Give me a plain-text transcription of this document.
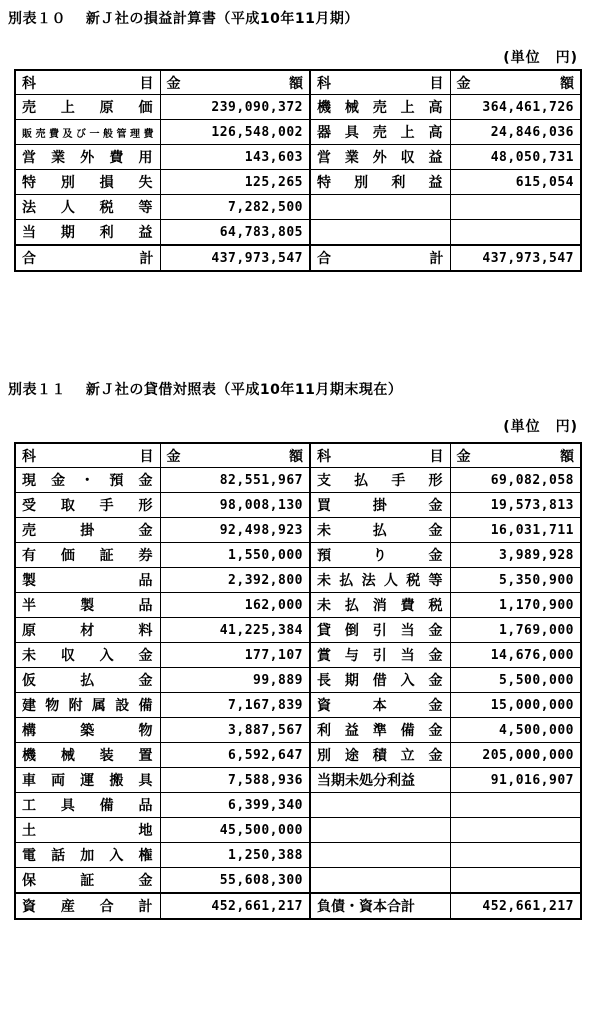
別表１０　 新Ｊ社の損益計算書（平成10年11月期）
(単位　円)
科 目	金 額	科 目	金 額

売上原価	239,090,372	機械売上高	364,461,726
販売費及び一般管理費	126,548,002	器具売上高	24,846,036
営業外費用	143,603	営業外収益	48,050,731
特別損失	125,265	特別利益	615,054
法人税等	7,282,500		
当期利益	64,783,805		

合 計	437,973,547	合 計	437,973,547
別表１１　 新Ｊ社の貸借対照表（平成10年11月期末現在）
(単位　円)
科 目	金 額	科 目	金 額

現金・預金	82,551,967	支払手形	69,082,058
受取手形	98,008,130	買掛金	19,573,813
売掛金	92,498,923	未払金	16,031,711
有価証券	1,550,000	預り金	3,989,928
製品	2,392,800	未払法人税等	5,350,900
半製品	162,000	未払消費税	1,170,900
原材料	41,225,384	貸倒引当金	1,769,000
未収入金	177,107	賞与引当金	14,676,000
仮払金	99,889	長期借入金	5,500,000
建物附属設備	7,167,839	資本金	15,000,000
構築物	3,887,567	利益準備金	4,500,000
機械装置	6,592,647	別途積立金	205,000,000
車両運搬具	7,588,936	当期未処分利益	91,016,907
工具備品	6,399,340		
土地	45,500,000		
電話加入権	1,250,388		
保証金	55,608,300		
資産合計	452,661,217	負債・資本合計	452,661,217
